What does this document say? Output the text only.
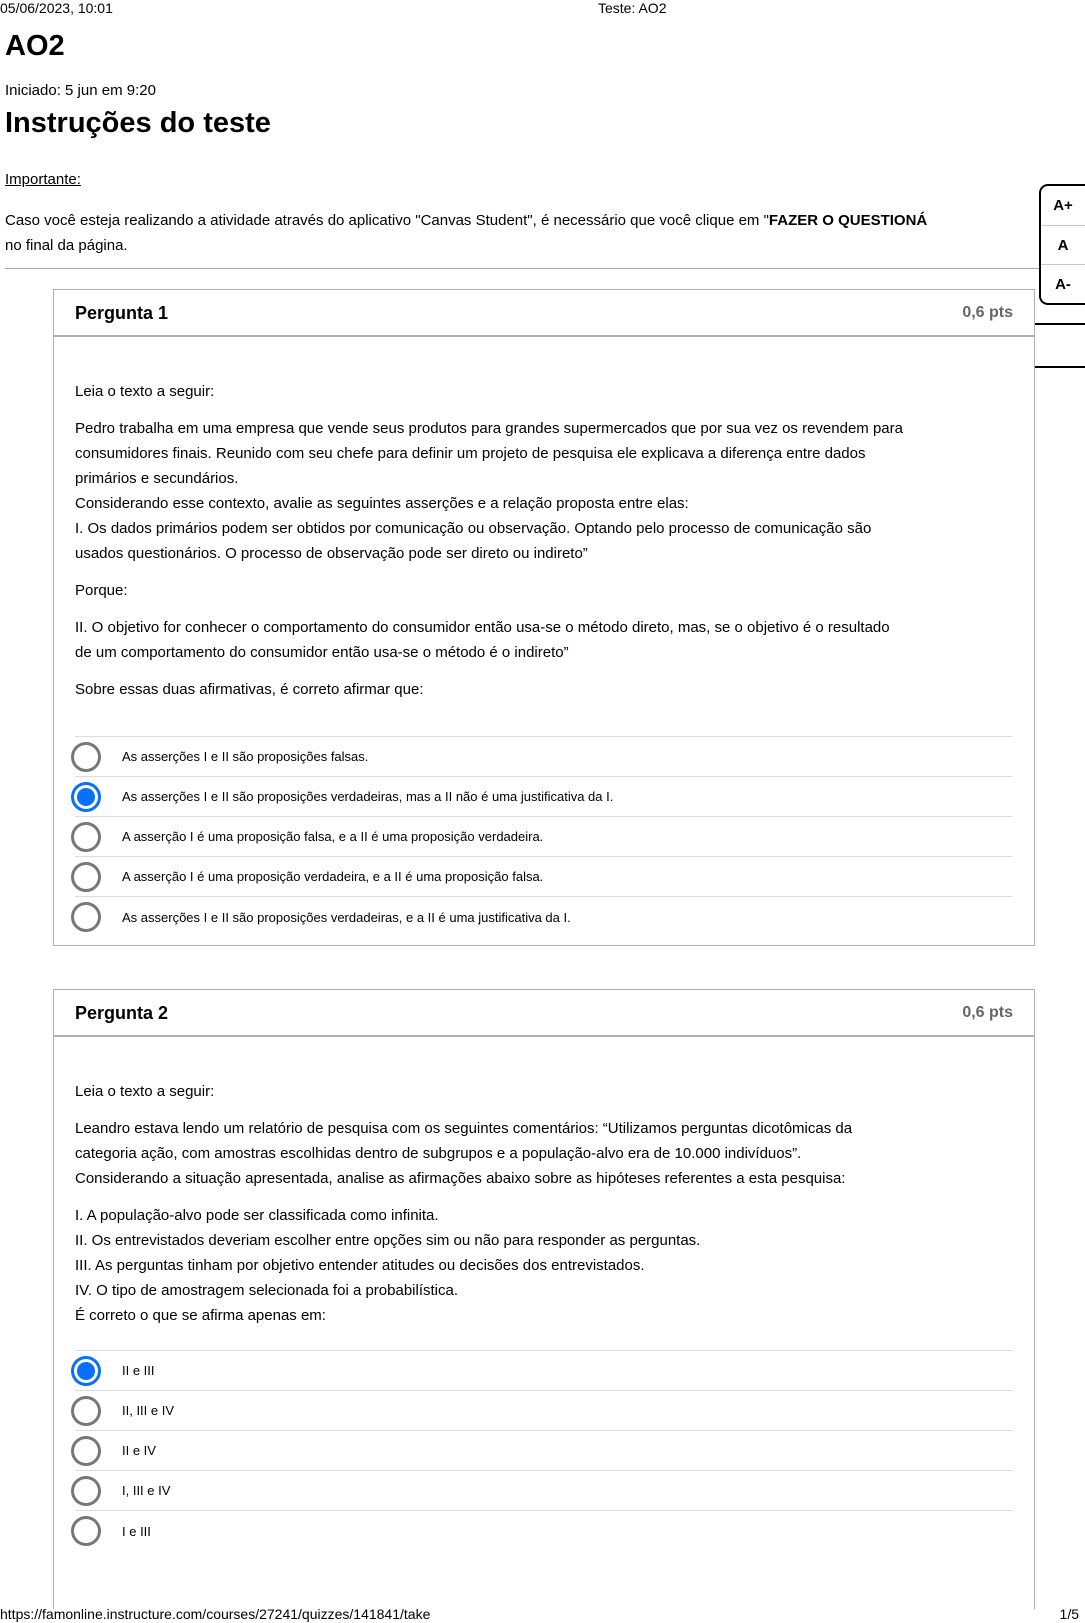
05/06/2023, 10:01	Teste: AO2
AO2
Iniciado: 5 jun em 9:20
Instruções do teste
Importante:
Caso você esteja realizando a atividade através do aplicativo "Canvas Student", é necessário que você clique em "FAZER O QUESTIONÁ
no final da página.
A+
A
A-
Pergunta 1	0,6 pts

Leia o texto a seguir:

Pedro trabalha em uma empresa que vende seus produtos para grandes supermercados que por sua vez os revendem para
consumidores finais. Reunido com seu chefe para definir um projeto de pesquisa ele explicava a diferença entre dados
primários e secundários.
Considerando esse contexto, avalie as seguintes asserções e a relação proposta entre elas:
I. Os dados primários podem ser obtidos por comunicação ou observação. Optando pelo processo de comunicação são
usados questionários. O processo de observação pode ser direto ou indireto”

Porque:

II. O objetivo for conhecer o comportamento do consumidor então usa-se o método direto, mas, se o objetivo é o resultado
de um comportamento do consumidor então usa-se o método é o indireto”

Sobre essas duas afirmativas, é correto afirmar que:

As asserções I e II são proposições falsas.
As asserções I e II são proposições verdadeiras, mas a II não é uma justificativa da I.
A asserção I é uma proposição falsa, e a II é uma proposição verdadeira.
A asserção I é uma proposição verdadeira, e a II é uma proposição falsa.
As asserções I e II são proposições verdadeiras, e a II é uma justificativa da I.
Pergunta 2	0,6 pts

Leia o texto a seguir:

Leandro estava lendo um relatório de pesquisa com os seguintes comentários: “Utilizamos perguntas dicotômicas da
categoria ação, com amostras escolhidas dentro de subgrupos e a população-alvo era de 10.000 indivíduos”.
Considerando a situação apresentada, analise as afirmações abaixo sobre as hipóteses referentes a esta pesquisa:
I. A população-alvo pode ser classificada como infinita.
II. Os entrevistados deveriam escolher entre opções sim ou não para responder as perguntas.
III. As perguntas tinham por objetivo entender atitudes ou decisões dos entrevistados.
IV. O tipo de amostragem selecionada foi a probabilística.
É correto o que se afirma apenas em:
II e III
II, III e IV
II e IV
I, III e IV
I e III
https://famonline.instructure.com/courses/27241/quizzes/141841/take	1/5
